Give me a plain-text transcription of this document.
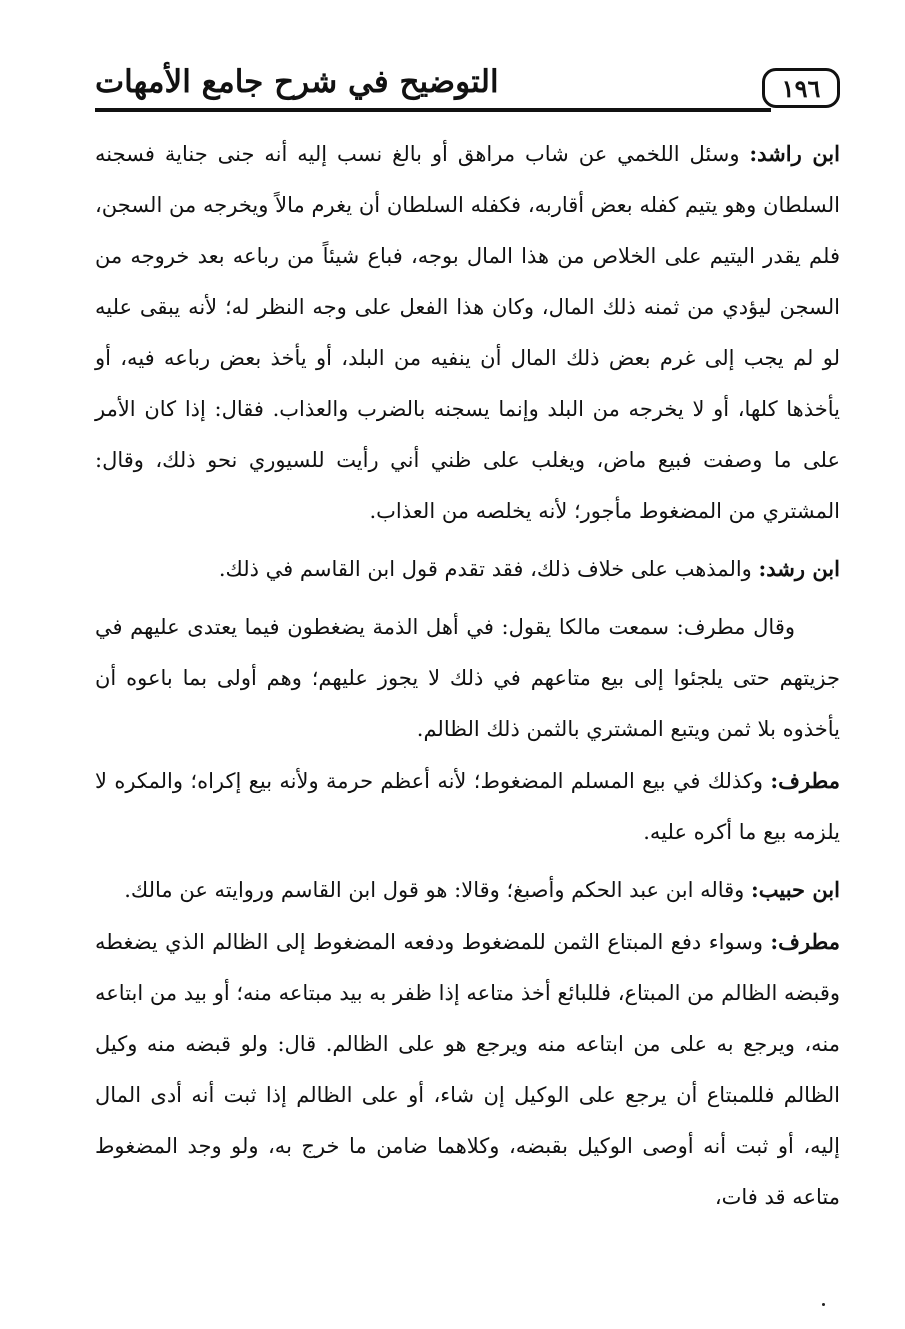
١٩٦
التوضيح في شرح جامع الأمهات

ابن راشد: وسئل اللخمي عن شاب مراهق أو بالغ نسب إليه أنه جنى جناية فسجنه السلطان وهو يتيم كفله بعض أقاربه، فكفله السلطان أن يغرم مالاً ويخرجه من السجن، فلم يقدر اليتيم على الخلاص من هذا المال بوجه، فباع شيئاً من رباعه بعد خروجه من السجن ليؤدي من ثمنه ذلك المال، وكان هذا الفعل على وجه النظر له؛ لأنه يبقى عليه لو لم يجب إلى غرم بعض ذلك المال أن ينفيه من البلد، أو يأخذ بعض رباعه فيه، أو يأخذها كلها، أو لا يخرجه من البلد وإنما يسجنه بالضرب والعذاب. فقال: إذا كان الأمر على ما وصفت فبيع ماض، ويغلب على ظني أني رأيت للسيوري نحو ذلك، وقال: المشتري من المضغوط مأجور؛ لأنه يخلصه من العذاب.

ابن رشد: والمذهب على خلاف ذلك، فقد تقدم قول ابن القاسم في ذلك.

وقال مطرف: سمعت مالكا يقول: في أهل الذمة يضغطون فيما يعتدى عليهم في جزيتهم حتى يلجئوا إلى بيع متاعهم في ذلك لا يجوز عليهم؛ وهم أولى بما باعوه أن يأخذوه بلا ثمن ويتبع المشتري بالثمن ذلك الظالم.

مطرف: وكذلك في بيع المسلم المضغوط؛ لأنه أعظم حرمة ولأنه بيع إكراه؛ والمكره لا يلزمه بيع ما أكره عليه.

ابن حبيب: وقاله ابن عبد الحكم وأصبغ؛ وقالا: هو قول ابن القاسم وروايته عن مالك.

مطرف: وسواء دفع المبتاع الثمن للمضغوط ودفعه المضغوط إلى الظالم الذي يضغطه وقبضه الظالم من المبتاع، فللبائع أخذ متاعه إذا ظفر به بيد مبتاعه منه؛ أو بيد من ابتاعه منه، ويرجع به على من ابتاعه منه ويرجع هو على الظالم. قال: ولو قبضه منه وكيل الظالم فللمبتاع أن يرجع على الوكيل إن شاء، أو على الظالم إذا ثبت أنه أدى المال إليه، أو ثبت أنه أوصى الوكيل بقبضه، وكلاهما ضامن ما خرج به، ولو وجد المضغوط متاعه قد فات،
